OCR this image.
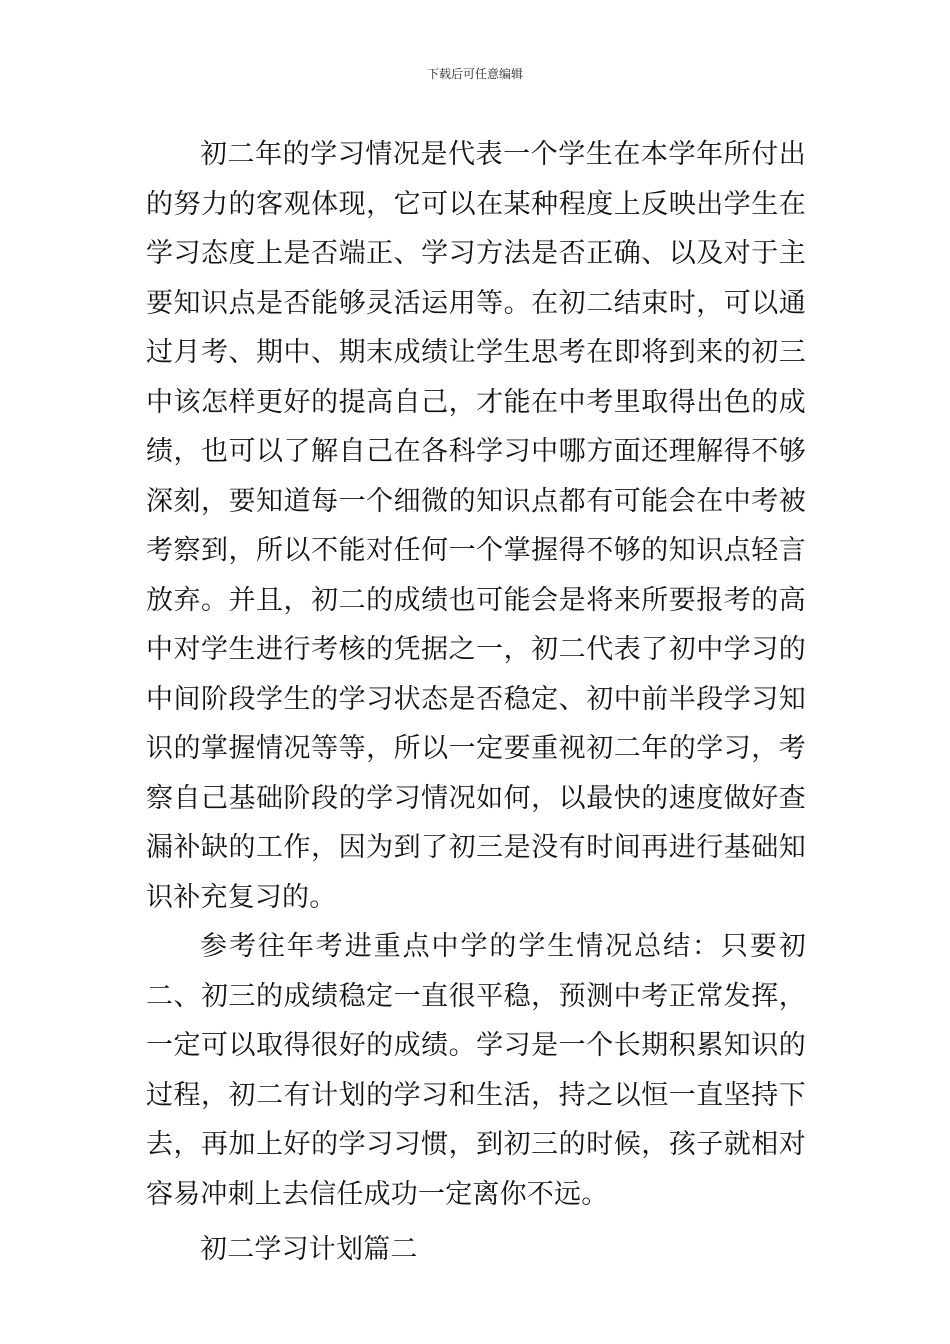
下载后可任意编辑

初二年的学习情况是代表一个学生在本学年所付出的努力的客观体现，它可以在某种程度上反映出学生在学习态度上是否端正、学习方法是否正确、以及对于主要知识点是否能够灵活运用等。在初二结束时，可以通过月考、期中、期末成绩让学生思考在即将到来的初三中该怎样更好的提高自己，才能在中考里取得出色的成绩，也可以了解自己在各科学习中哪方面还理解得不够深刻，要知道每一个细微的知识点都有可能会在中考被考察到，所以不能对任何一个掌握得不够的知识点轻言放弃。并且，初二的成绩也可能会是将来所要报考的高中对学生进行考核的凭据之一，初二代表了初中学习的中间阶段学生的学习状态是否稳定、初中前半段学习知识的掌握情况等等，所以一定要重视初二年的学习，考察自己基础阶段的学习情况如何，以最快的速度做好查漏补缺的工作，因为到了初三是没有时间再进行基础知识补充复习的。

参考往年考进重点中学的学生情况总结：只要初二、初三的成绩稳定一直很平稳，预测中考正常发挥，一定可以取得很好的成绩。学习是一个长期积累知识的过程，初二有计划的学习和生活，持之以恒一直坚持下去，再加上好的学习习惯，到初三的时候，孩子就相对容易冲刺上去信任成功一定离你不远。

初二学习计划篇二
